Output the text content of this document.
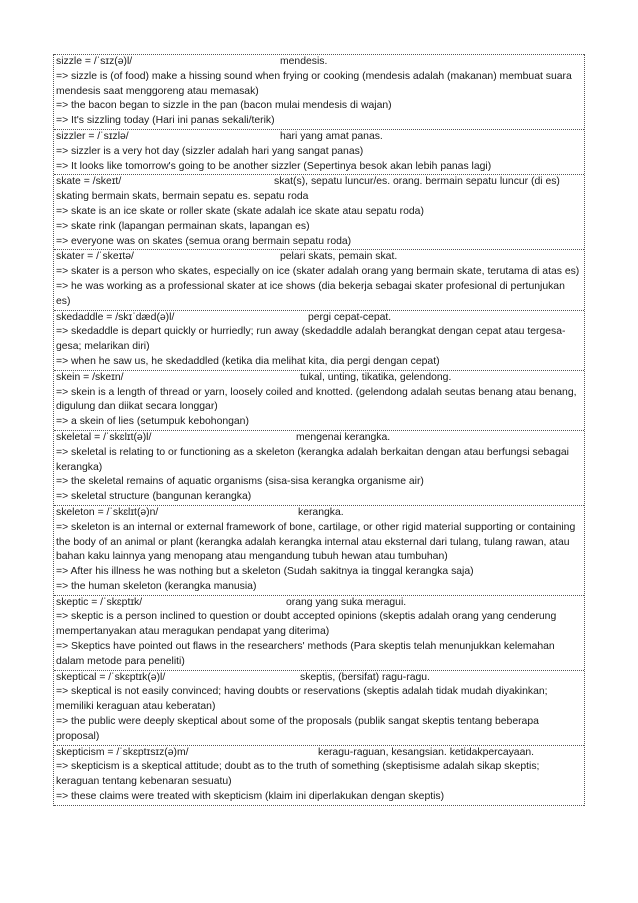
sizzle = /ˈsɪz(ə)l/	mendesis.
=> sizzle is (of food) make a hissing sound when frying or cooking (mendesis adalah (makanan) membuat suara mendesis saat menggoreng atau memasak)
=> the bacon began to sizzle in the pan (bacon mulai mendesis di wajan)
=> It's sizzling today (Hari ini panas sekali/terik)
sizzler = /ˈsɪzlə/	hari yang amat panas.
=> sizzler is a very hot day (sizzler adalah hari yang sangat panas)
=> It looks like tomorrow's going to be another sizzler (Sepertinya besok akan lebih panas lagi)
skate = /skeɪt/	skat(s), sepatu luncur/es. orang. bermain sepatu luncur (di es)
skating bermain skats, bermain sepatu es. sepatu roda
=> skate is an ice skate or roller skate (skate adalah ice skate atau sepatu roda)
=> skate rink (lapangan permainan skats, lapangan es)
=> everyone was on skates (semua orang bermain sepatu roda)
skater = /ˈskeɪtə/	pelari skats, pemain skat.
=> skater is a person who skates, especially on ice (skater adalah orang yang bermain skate, terutama di atas es)
=> he was working as a professional skater at ice shows (dia bekerja sebagai skater profesional di pertunjukan es)
skedaddle = /skɪˈdæd(ə)l/	pergi cepat-cepat.
=> skedaddle is depart quickly or hurriedly; run away (skedaddle adalah berangkat dengan cepat atau tergesa-gesa; melarikan diri)
=> when he saw us, he skedaddled (ketika dia melihat kita, dia pergi dengan cepat)
skein = /skeɪn/	tukal, unting, tikatika, gelendong.
=> skein is a length of thread or yarn, loosely coiled and knotted. (gelendong adalah seutas benang atau benang, digulung dan diikat secara longgar)
=> a skein of lies (setumpuk kebohongan)
skeletal = /ˈskɛlɪt(ə)l/	mengenai kerangka.
=> skeletal is relating to or functioning as a skeleton (kerangka adalah berkaitan dengan atau berfungsi sebagai kerangka)
=> the skeletal remains of aquatic organisms (sisa-sisa kerangka organisme air)
=> skeletal structure (bangunan kerangka)
skeleton = /ˈskɛlɪt(ə)n/	kerangka.
=> skeleton is an internal or external framework of bone, cartilage, or other rigid material supporting or containing the body of an animal or plant (kerangka adalah kerangka internal atau eksternal dari tulang, tulang rawan, atau bahan kaku lainnya yang menopang atau mengandung tubuh hewan atau tumbuhan)
=> After his illness he was nothing but a skeleton (Sudah sakitnya ia tinggal kerangka saja)
=> the human skeleton (kerangka manusia)
skeptic = /ˈskɛptɪk/	orang yang suka meragui.
=> skeptic is a person inclined to question or doubt accepted opinions (skeptis adalah orang yang cenderung mempertanyakan atau meragukan pendapat yang diterima)
=> Skeptics have pointed out flaws in the researchers' methods (Para skeptis telah menunjukkan kelemahan dalam metode para peneliti)
skeptical = /ˈskɛptɪk(ə)l/	skeptis, (bersifat) ragu-ragu.
=> skeptical is not easily convinced; having doubts or reservations (skeptis adalah tidak mudah diyakinkan; memiliki keraguan atau keberatan)
=> the public were deeply skeptical about some of the proposals (publik sangat skeptis tentang beberapa proposal)
skepticism = /ˈskɛptɪsɪz(ə)m/	keragu-raguan, kesangsian. ketidakpercayaan.
=> skepticism is a skeptical attitude; doubt as to the truth of something (skeptisisme adalah sikap skeptis; keraguan tentang kebenaran sesuatu)
=> these claims were treated with skepticism (klaim ini diperlakukan dengan skeptis)
